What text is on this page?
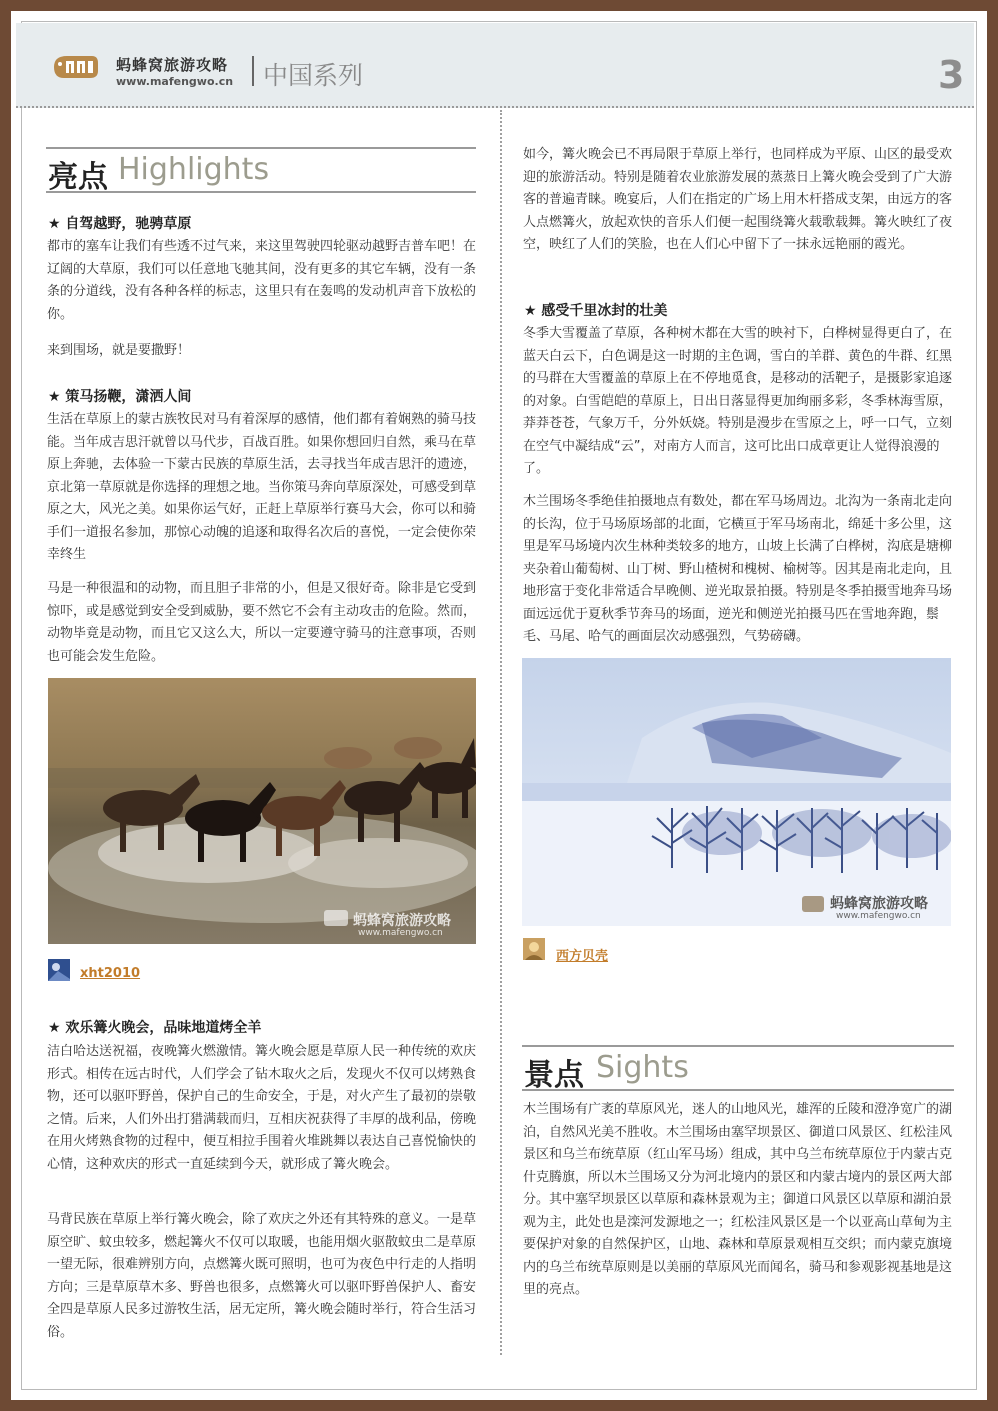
蚂蜂窝旅游攻略
www.mafengwo.cn 中国系列	3
亮点 Highlights
★ 自驾越野，驰骋草原

都市的塞车让我们有些透不过气来，来这里驾驶四轮驱动越野吉普车吧！在辽阔的大草原，我们可以任意地飞驰其间，没有更多的其它车辆，没有一条条的分道线，没有各种各样的标志，这里只有在轰鸣的发动机声音下放松的你。

来到围场，就是要撒野！

★ 策马扬鞭，潇洒人间

生活在草原上的蒙古族牧民对马有着深厚的感情，他们都有着娴熟的骑马技能。当年成吉思汗就曾以马代步，百战百胜。如果你想回归自然，乘马在草原上奔驰，去体验一下蒙古民族的草原生活，去寻找当年成吉思汗的遗迹，京北第一草原就是你选择的理想之地。当你策马奔向草原深处，可感受到草原之大，风光之美。如果你运气好，正赶上草原举行赛马大会，你可以和骑手们一道报名参加，那惊心动魄的追逐和取得名次后的喜悦，一定会使你荣幸终生

马是一种很温和的动物，而且胆子非常的小，但是又很好奇。除非是它受到惊吓，或是感觉到安全受到威胁，要不然它不会有主动攻击的危险。然而，动物毕竟是动物，而且它又这么大，所以一定要遵守骑马的注意事项，否则也可能会发生危险。

蚂蜂窝旅游攻略
www.mafengwo.cn
xht2010
★ 欢乐篝火晚会，品味地道烤全羊

洁白哈达送祝福，夜晚篝火燃激情。篝火晚会愿是草原人民一种传统的欢庆形式。相传在远古时代，人们学会了钻木取火之后，发现火不仅可以烤熟食物，还可以驱吓野兽，保护自己的生命安全，于是，对火产生了最初的崇敬之情。后来，人们外出打猎满载而归，互相庆祝获得了丰厚的战利品，傍晚在用火烤熟食物的过程中，便互相拉手围着火堆跳舞以表达自己喜悦愉快的心情，这种欢庆的形式一直延续到今天，就形成了篝火晚会。

马背民族在草原上举行篝火晚会，除了欢庆之外还有其特殊的意义。一是草原空旷、蚊虫较多，燃起篝火不仅可以取暖，也能用烟火驱散蚊虫二是草原一望无际，很难辨别方向，点燃篝火既可照明，也可为夜色中行走的人指明方向；三是草原草木多、野兽也很多，点燃篝火可以驱吓野兽保护人、畜安全四是草原人民多过游牧生活，居无定所，篝火晚会随时举行，符合生活习俗。

如今，篝火晚会已不再局限于草原上举行，也同样成为平原、山区的最受欢迎的旅游活动。特别是随着农业旅游发展的蒸蒸日上篝火晚会受到了广大游客的普遍青睐。晚宴后，人们在指定的广场上用木杆搭成支架，由远方的客人点燃篝火，放起欢快的音乐人们便一起围绕篝火载歌载舞。篝火映红了夜空，映红了人们的笑脸，也在人们心中留下了一抹永远艳丽的霞光。

★ 感受千里冰封的壮美

冬季大雪覆盖了草原，各种树木都在大雪的映衬下，白桦树显得更白了，在蓝天白云下，白色调是这一时期的主色调，雪白的羊群、黄色的牛群、红黑的马群在大雪覆盖的草原上在不停地觅食，是移动的活靶子，是摄影家追逐的对象。白雪皑皑的草原上，日出日落显得更加绚丽多彩，冬季林海雪原，莽莽苍苍，气象万千，分外妖娆。特别是漫步在雪原之上，呼一口气，立刻在空气中凝结成“云”，对南方人而言，这可比出口成章更让人觉得浪漫的了。

木兰围场冬季绝佳拍摄地点有数处，都在军马场周边。北沟为一条南北走向的长沟，位于马场原场部的北面，它横亘于军马场南北，绵延十多公里，这里是军马场境内次生林种类较多的地方，山坡上长满了白桦树，沟底是塘柳夹杂着山葡萄树、山丁树、野山楂树和槐树、榆树等。因其是南北走向，且地形富于变化非常适合早晚侧、逆光取景拍摄。特别是冬季拍摄雪地奔马场面远远优于夏秋季节奔马的场面，逆光和侧逆光拍摄马匹在雪地奔跑，鬃毛、马尾、哈气的画面层次动感强烈，气势磅礴。

蚂蜂窝旅游攻略
www.mafengwo.cn
西方贝壳
景点 Sights

木兰围场有广袤的草原风光，迷人的山地风光，雄浑的丘陵和澄净宽广的湖泊，自然风光美不胜收。木兰围场由塞罕坝景区、御道口风景区、红松洼风景区和乌兰布统草原（红山军马场）组成，其中乌兰布统草原位于内蒙古克什克腾旗，所以木兰围场又分为河北境内的景区和内蒙古境内的景区两大部分。其中塞罕坝景区以草原和森林景观为主；御道口风景区以草原和湖泊景观为主，此处也是滦河发源地之一；红松洼风景区是一个以亚高山草甸为主要保护对象的自然保护区，山地、森林和草原景观相互交织；而内蒙克旗境内的乌兰布统草原则是以美丽的草原风光而闻名，骑马和参观影视基地是这里的亮点。
